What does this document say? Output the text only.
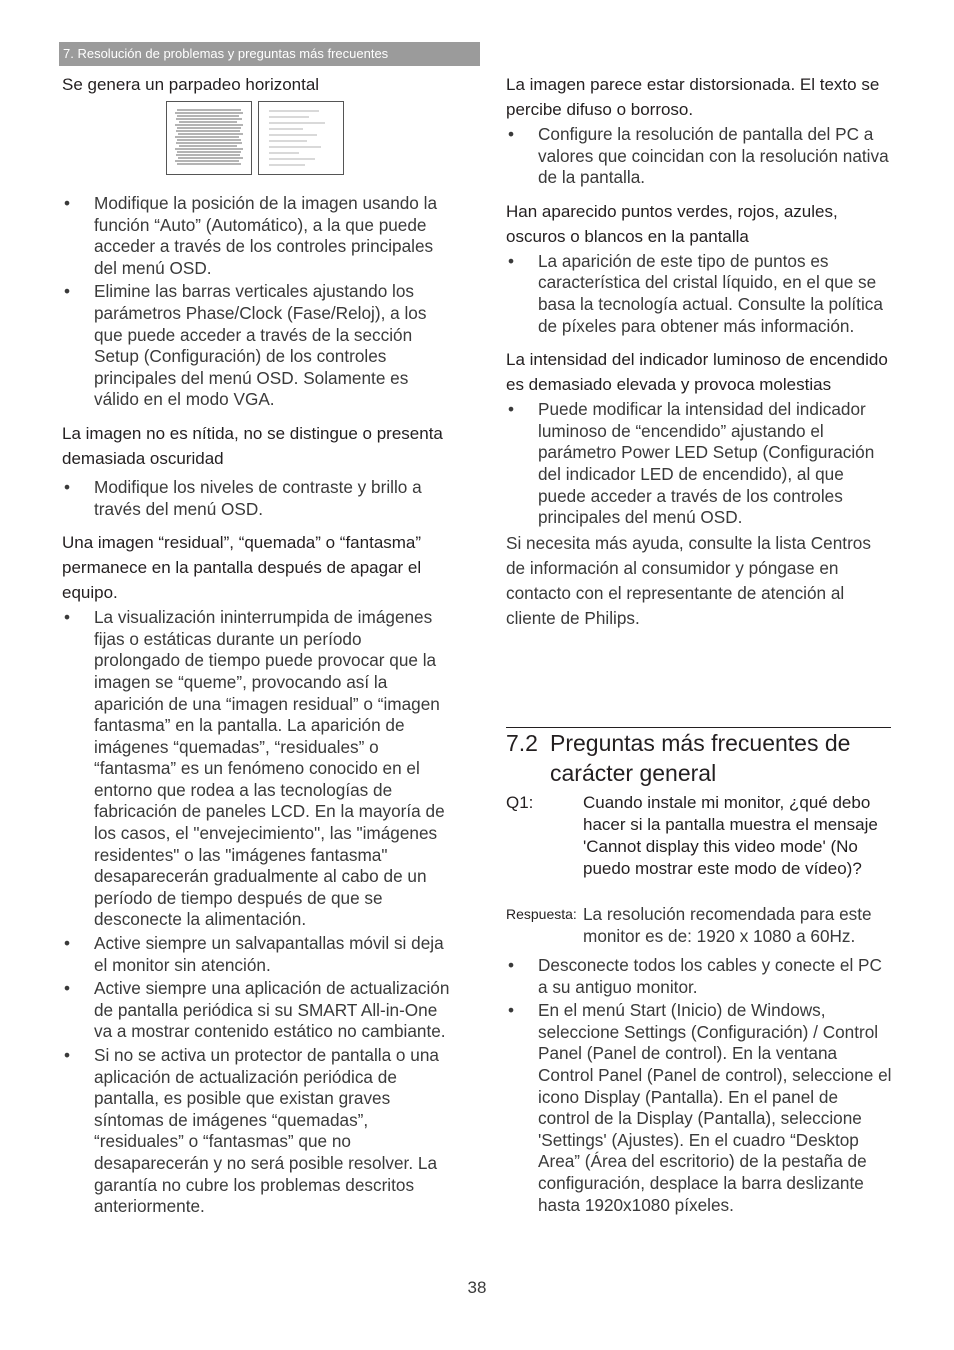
7. Resolución de problemas y preguntas más frecuentes
Se genera un parpadeo horizontal
• Modifique la posición de la imagen usando la función “Auto” (Automático), a la que puede acceder a través de los controles principales del menú OSD.
• Elimine las barras verticales ajustando los parámetros Phase/Clock (Fase/Reloj), a los que puede acceder a través de la sección Setup (Configuración) de los controles principales del menú OSD. Solamente es válido en el modo VGA.
La imagen no es nítida, no se distingue o presenta demasiada oscuridad
• Modifique los niveles de contraste y brillo a través del menú OSD.
Una imagen “residual”, “quemada” o “fantasma” permanece en la pantalla después de apagar el equipo.
• La visualización ininterrumpida de imágenes fijas o estáticas durante un período prolongado de tiempo puede provocar que la imagen se “queme”, provocando así la aparición de una “imagen residual” o “imagen fantasma” en la pantalla. La aparición de imágenes “quemadas”, “residuales” o “fantasma” es un fenómeno conocido en el entorno que rodea a las tecnologías de fabricación de paneles LCD. En la mayoría de los casos, el "envejecimiento", las "imágenes residentes" o las "imágenes fantasma" desaparecerán gradualmente al cabo de un período de tiempo después de que se desconecte la alimentación.
• Active siempre un salvapantallas móvil si deja el monitor sin atención.
• Active siempre una aplicación de actualización de pantalla periódica si su SMART All-in-One va a mostrar contenido estático no cambiante.
• Si no se activa un protector de pantalla o una aplicación de actualización periódica de pantalla, es posible que existan graves síntomas de imágenes “quemadas”, “residuales” o “fantasmas” que no desaparecerán y no será posible resolver. La garantía no cubre los problemas descritos anteriormente.
La imagen parece estar distorsionada. El texto se percibe difuso o borroso.
• Configure la resolución de pantalla del PC a valores que coincidan con la resolución nativa de la pantalla.
Han aparecido puntos verdes, rojos, azules, oscuros o blancos en la pantalla
• La aparición de este tipo de puntos es característica del cristal líquido, en el que se basa la tecnología actual. Consulte la política de píxeles para obtener más información.
La intensidad del indicador luminoso de encendido es demasiado elevada y provoca molestias
• Puede modificar la intensidad del indicador luminoso de “encendido” ajustando el parámetro Power LED Setup (Configuración del indicador LED de encendido), al que puede acceder a través de los controles principales del menú OSD.

Si necesita más ayuda, consulte la lista Centros de información al consumidor y póngase en contacto con el representante de atención al cliente de Philips.

7.2 Preguntas más frecuentes de
carácter general
Q1:	Cuando instale mi monitor, ¿qué debo hacer si la pantalla muestra el mensaje 'Cannot display this video mode' (No puedo mostrar este modo de vídeo)?
Respuesta: La resolución recomendada para este monitor es de: 1920 x 1080 a 60Hz.
• Desconecte todos los cables y conecte el PC a su antiguo monitor.
• En el menú Start (Inicio) de Windows, seleccione Settings (Configuración) / Control Panel (Panel de control). En la ventana Control Panel (Panel de control), seleccione el icono Display (Pantalla). En el panel de control de la Display (Pantalla), seleccione 'Settings' (Ajustes). En el cuadro “Desktop Area” (Área del escritorio) de la pestaña de configuración, desplace la barra deslizante hasta 1920x1080 píxeles.
38
